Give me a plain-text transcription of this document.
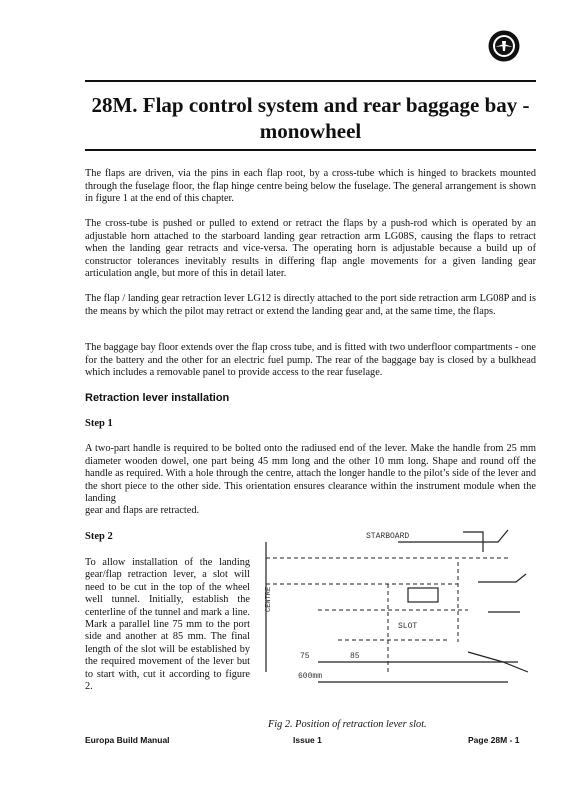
28M. Flap control system and rear baggage bay - monowheel

The flaps are driven, via the pins in each flap root, by a cross-tube which is hinged to brackets mounted through the fuselage floor, the flap hinge centre being below the fuselage. The general arrangement is shown in figure 1 at the end of this chapter.

The cross-tube is pushed or pulled to extend or retract the flaps by a push-rod which is operated by an adjustable horn attached to the starboard landing gear retraction arm LG08S, causing the flaps to retract when the landing gear retracts and vice-versa. The operating horn is adjustable because a build up of constructor tolerances inevitably results in differing flap angle movements for a given landing gear articulation angle, but more of this in detail later.

The flap / landing gear retraction lever LG12 is directly attached to the port side retraction arm LG08P and is the means by which the pilot may retract or extend the landing gear and, at the same time, the flaps.

The baggage bay floor extends over the flap cross tube, and is fitted with two underfloor compartments - one for the battery and the other for an electric fuel pump. The rear of the baggage bay is closed by a bulkhead which includes a removable panel to provide access to the rear fuselage.

Retraction lever installation
Step 1

A two-part handle is required to be bolted onto the radiused end of the lever. Make the handle from 25 mm diameter wooden dowel, one part being 45 mm long and the other 10 mm long. Shape and round off the handle as required. With a hole through the centre, attach the longer handle to the pilot’s side of the lever and the short piece to the other side. This orientation ensures clearance within the instrument module when the landing

gear and flaps are retracted.

Step 2

To allow installation of the landing gear/flap retraction lever, a slot will need to be cut in the top of the wheel well tunnel. Initially, establish the centerline of the tunnel and mark a line. Mark a parallel line 75 mm to the port side and another at 85 mm. The final length of the slot will be established by the required movement of the lever but to start with, cut it according to figure 2.

STARBOARD
CENTRE
75	85
SLOT
600mm

Fig 2. Position of retraction lever slot.

Europa Build Manual	Issue 1	Page 28M - 1
